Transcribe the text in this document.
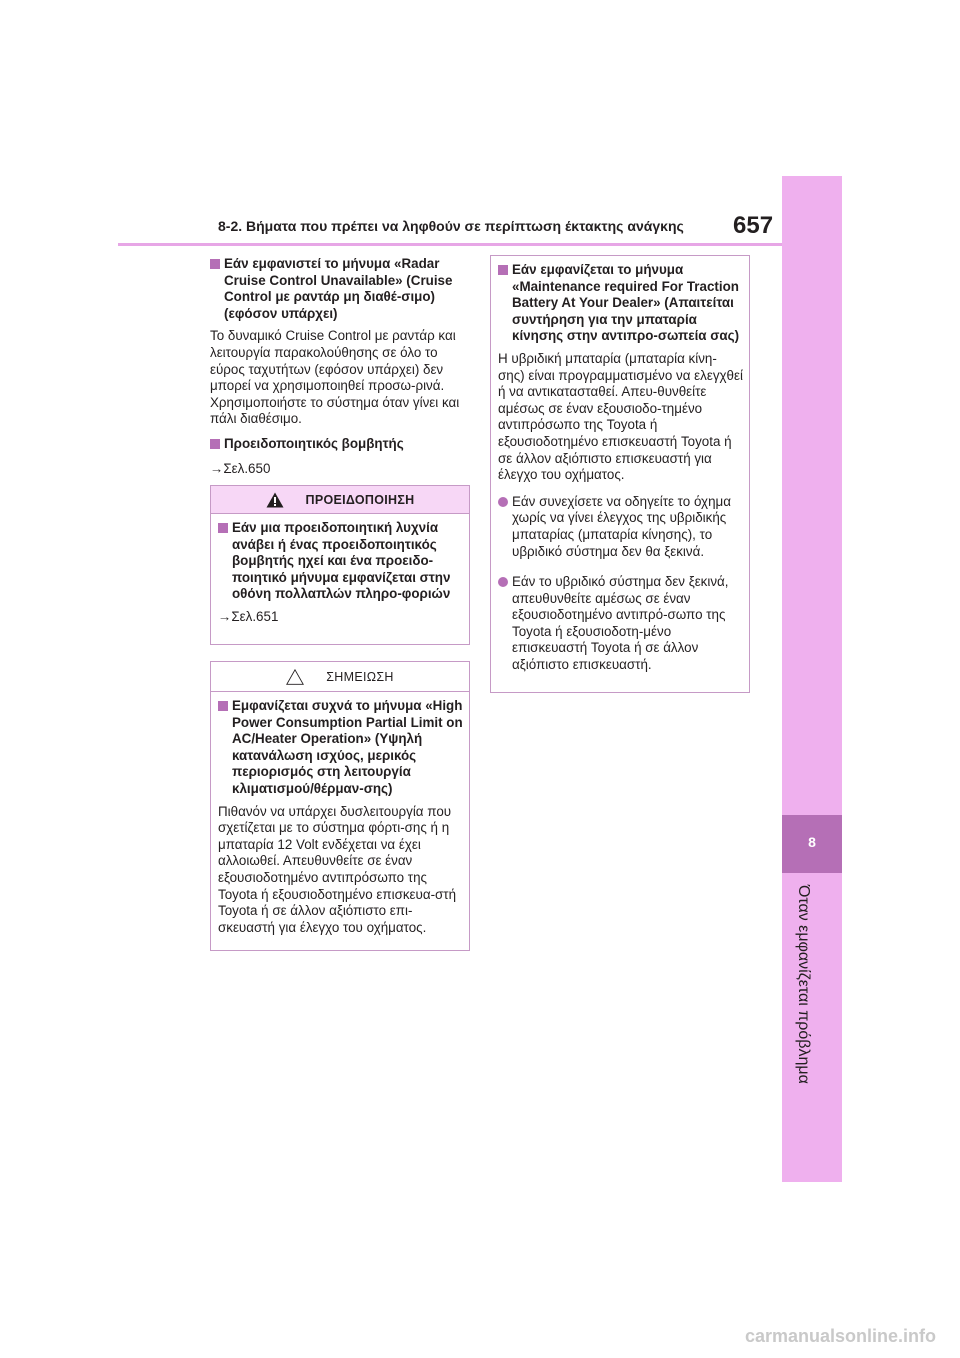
8-2. Βήματα που πρέπει να ληφθούν σε περίπτωση έκτακτης ανάγκης 657
8
Όταν εμφανίζεται πρόβλημα
Εάν εμφανιστεί το μήνυμα «Radar Cruise Control Unavailable» (Cruise Control με ραντάρ μη διαθέ-σιμο) (εφόσον υπάρχει)

Το δυναμικό Cruise Control με ραντάρ και λειτουργία παρακολούθησης σε όλο το εύρος ταχυτήτων (εφόσον υπάρχει) δεν μπορεί να χρησιμοποιηθεί προσω-ρινά. Χρησιμοποιήστε το σύστημα όταν γίνει και πάλι διαθέσιμο.

Προειδοποιητικός βομβητής

→Σελ.650

ΠΡΟΕΙΔΟΠΟΙΗΣΗ
Εάν μια προειδοποιητική λυχνία ανάβει ή ένας προειδοποιητικός βομβητής ηχεί και ένα προειδο-ποιητικό μήνυμα εμφανίζεται στην οθόνη πολλαπλών πληρο-φοριών

→Σελ.651

ΣΗΜΕΙΩΣΗ
Εμφανίζεται συχνά το μήνυμα «High Power Consumption Partial Limit on AC/Heater Operation» (Υψηλή κατανάλωση ισχύος, μερικός περιορισμός στη λειτουργία κλιματισμού/θέρμαν-σης)

Πιθανόν να υπάρχει δυσλειτουργία που σχετίζεται με το σύστημα φόρτι-σης ή η μπαταρία 12 Volt ενδέχεται να έχει αλλοιωθεί. Απευθυνθείτε σε έναν εξουσιοδοτημένο αντιπρόσωπο της Toyota ή εξουσιοδοτημένο επισκευα-στή Toyota ή σε άλλον αξιόπιστο επι-σκευαστή για έλεγχο του οχήματος.

Εάν εμφανίζεται το μήνυμα «Maintenance required For Traction Battery At Your Dealer» (Απαιτείται συντήρηση για την μπαταρία κίνησης στην αντιπρο-σωπεία σας)

Η υβριδική μπαταρία (μπαταρία κίνη-σης) είναι προγραμματισμένο να ελεγχθεί ή να αντικατασταθεί. Απευ-θυνθείτε αμέσως σε έναν εξουσιοδο-τημένο αντιπρόσωπο της Toyota ή εξουσιοδοτημένο επισκευαστή Toyota ή σε άλλον αξιόπιστο επισκευαστή για έλεγχο του οχήματος.

Εάν συνεχίσετε να οδηγείτε το όχημα χωρίς να γίνει έλεγχος της υβριδικής μπαταρίας (μπαταρία κίνησης), το υβριδικό σύστημα δεν θα ξεκινά.
Εάν το υβριδικό σύστημα δεν ξεκινά, απευθυνθείτε αμέσως σε έναν εξουσιοδοτημένο αντιπρό-σωπο της Toyota ή εξουσιοδοτη-μένο επισκευαστή Toyota ή σε άλλον αξιόπιστο επισκευαστή.
carmanualsonline.info
